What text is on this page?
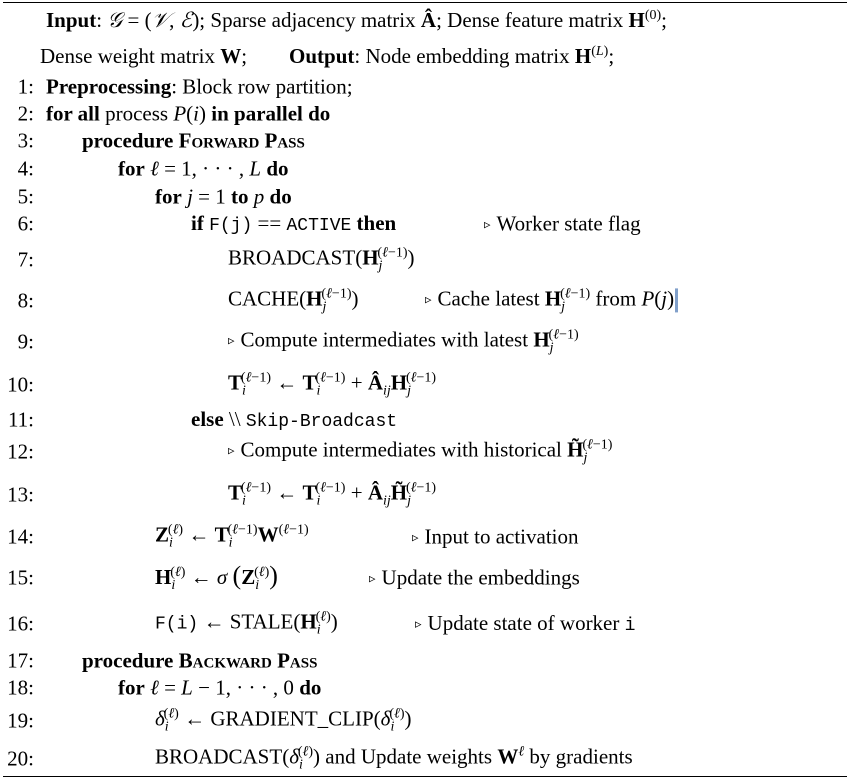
Input: 𝒢 = (𝒱, ℰ); Sparse adjacency matrix Â; Dense feature matrix $H^{(0)}$;
Dense weight matrix W;        Output: Node embedding matrix $H^{(L)}$;
1: Preprocessing: Block row partition;
2: for all process P(i) in parallel do
3: procedure Forward Pass
4:	for ℓ = 1, · · · , L do
5:	for j = 1 to p do
6:	if F(j) == ACTIVE then	▹ Worker state flag
7:	$BROADCAST(H_j^{(\ell-1)})$
8:	$CACHE(H_j^{(\ell-1)})$	▹ Cache latest $H_j^{(\ell-1)}$ from P(j)
9:	▹ Compute intermediates with latest $H_j^{(\ell-1)}$
10:	$T_i^{(\ell-1)}$ ← $T_i^{(\ell-1)}$ + $Â_{ij}H_j^{(\ell-1)}$
11:	else \\ Skip-Broadcast
12:	▹ Compute intermediates with historical $H̃_j^{(\ell-1)}$
13:	$T_i^{(\ell-1)}$ ← $T_i^{(\ell-1)}$ + $Â_{ij}H̃_j^{(\ell-1)}$
14:	$Z_i^{(\ell)}$ ← $T_i^{(\ell-1)}W^{(\ell-1)}$	▹ Input to activation
15:	$H_i^{(\ell)}$ ← σ $(Z_i^{(\ell)})$	▹ Update the embeddings
16:	F(i) ← $STALE(H_i^{(\ell)})$	▹ Update state of worker i
17: procedure Backward Pass
18:	for ℓ = L − 1, · · · , 0 do
19:	$\delta_i^{(\ell)}$ ← $GRADIENT\_CLIP(\delta_i^{(\ell)})$
20:	$BROADCAST(\delta_i^{(\ell)})$ and Update weights $W^\ell$ by gradients
